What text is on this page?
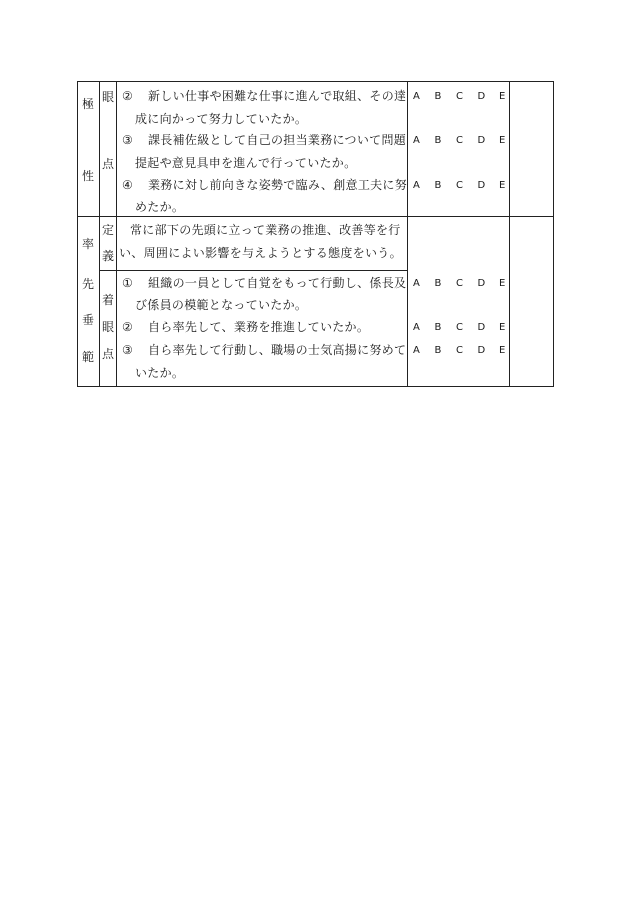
極
性
眼
点
② 新しい仕事や困難な仕事に進んで取組、その達
成に向かって努力していたか。
A B C D E
③ 課長補佐級として自己の担当業務について問題
提起や意見具申を進んで行っていたか。
A B C D E
④ 業務に対し前向きな姿勢で臨み、創意工夫に努
めたか。
A B C D E
率
先
垂
範
定
義
常に部下の先頭に立って業務の推進、改善等を行
い、周囲によい影響を与えようとする態度をいう。
着
眼
点
① 組織の一員として自覚をもって行動し、係長及
び係員の模範となっていたか。
A B C D E
② 自ら率先して、業務を推進していたか。	A B C D E
③ 自ら率先して行動し、職場の士気高揚に努めて
いたか。
A B C D E
